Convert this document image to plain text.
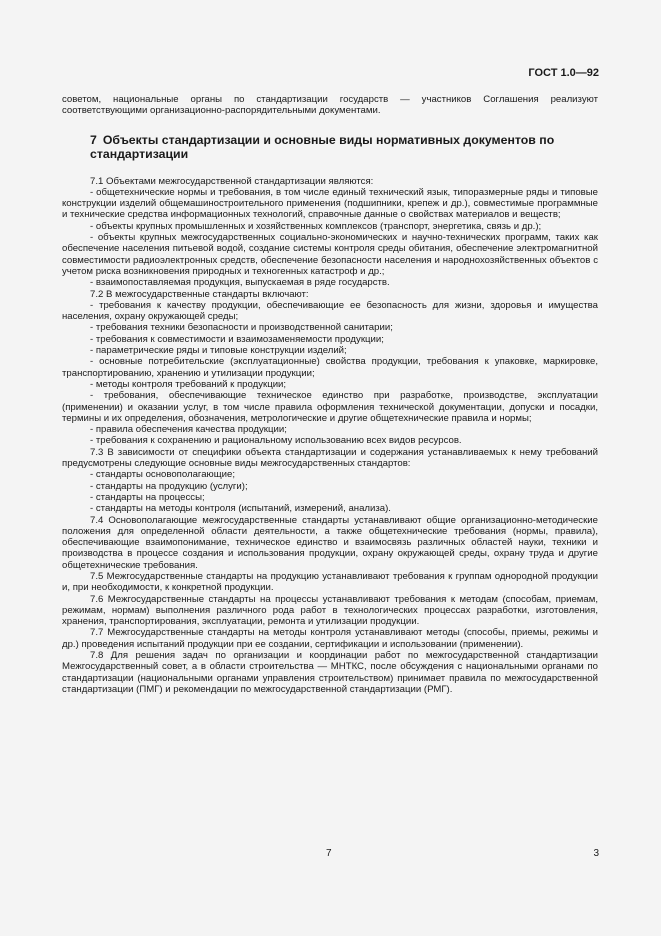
ГОСТ 1.0—92

советом, национальные органы по стандартизации государств — участников Соглашения реализуют соответствующими организационно-распорядительными документами.

7 Объекты стандартизации и основные виды нормативных документов по стандартизации

7.1 Объектами межгосударственной стандартизации являются:

- общетехнические нормы и требования, в том числе единый технический язык, типоразмерные ряды и типовые конструкции изделий общемашиностроительного применения (подшипники, крепеж и др.), совместимые программные и технические средства информационных технологий, справочные данные о свойствах материалов и веществ;

- объекты крупных промышленных и хозяйственных комплексов (транспорт, энергетика, связь и др.);

- объекты крупных межгосударственных социально-экономических и научно-технических программ, таких как обеспечение населения питьевой водой, создание системы контроля среды обитания, обеспечение электромагнитной совместимости радиоэлектронных средств, обеспечение безопасности населения и народнохозяйственных объектов с учетом риска возникновения природных и техногенных катастроф и др.;

- взаимопоставляемая продукция, выпускаемая в ряде государств.

7.2 В межгосударственные стандарты включают:

- требования к качеству продукции, обеспечивающие ее безопасность для жизни, здоровья и имущества населения, охрану окружающей среды;

- требования техники безопасности и производственной санитарии;

- требования к совместимости и взаимозаменяемости продукции;

- параметрические ряды и типовые конструкции изделий;

- основные потребительские (эксплуатационные) свойства продукции, требования к упаковке, маркировке, транспортированию, хранению и утилизации продукции;

- методы контроля требований к продукции;

- требования, обеспечивающие техническое единство при разработке, производстве, эксплуатации (применении) и оказании услуг, в том числе правила оформления технической документации, допуски и посадки, термины и их определения, обозначения, метрологические и другие общетехнические правила и нормы;

- правила обеспечения качества продукции;

- требования к сохранению и рациональному использованию всех видов ресурсов.

7.3 В зависимости от специфики объекта стандартизации и содержания устанавливаемых к нему требований предусмотрены следующие основные виды межгосударственных стандартов:

- стандарты основополагающие;

- стандарты на продукцию (услуги);

- стандарты на процессы;

- стандарты на методы контроля (испытаний, измерений, анализа).

7.4 Основополагающие межгосударственные стандарты устанавливают общие организационно-методические положения для определенной области деятельности, а также общетехнические требования (нормы, правила), обеспечивающие взаимопонимание, техническое единство и взаимосвязь различных областей науки, техники и производства в процессе создания и использования продукции, охрану окружающей среды, охрану труда и другие общетехнические требования.

7.5 Межгосударственные стандарты на продукцию устанавливают требования к группам однородной продукции и, при необходимости, к конкретной продукции.

7.6 Межгосударственные стандарты на процессы устанавливают требования к методам (способам, приемам, режимам, нормам) выполнения различного рода работ в технологических процессах разработки, изготовления, хранения, транспортирования, эксплуатации, ремонта и утилизации продукции.

7.7 Межгосударственные стандарты на методы контроля устанавливают методы (способы, приемы, режимы и др.) проведения испытаний продукции при ее создании, сертификации и использовании (применении).

7.8 Для решения задач по организации и координации работ по межгосударственной стандартизации Межгосударственный совет, а в области строительства — МНТКС, после обсуждения с национальными органами по стандартизации (национальными органами управления строительством) принимает правила по межгосударственной стандартизации (ПМГ) и рекомендации по межгосударственной стандартизации (РМГ).

7	3
